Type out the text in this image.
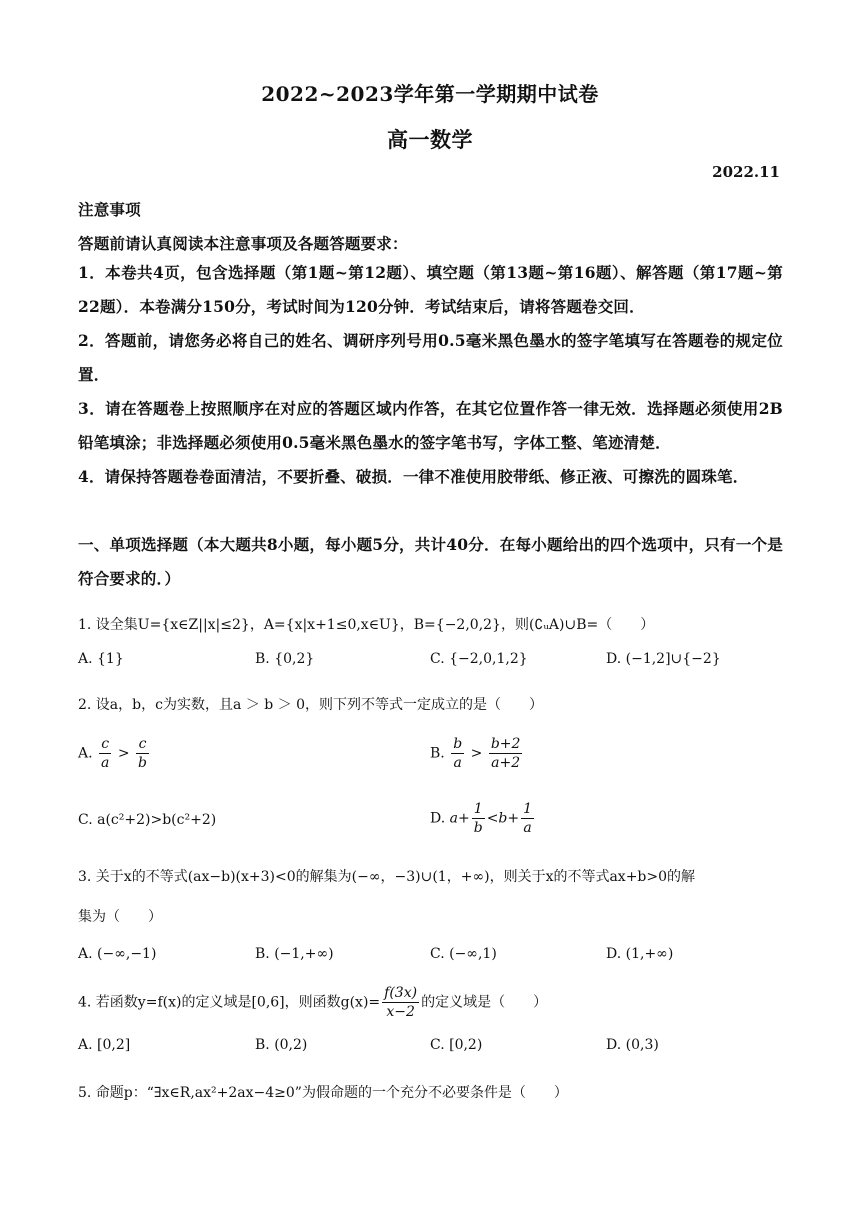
2022~2023学年第一学期期中试卷
高一数学
2022.11
注意事项
答题前请认真阅读本注意事项及各题答题要求：
1．本卷共4页，包含选择题（第1题~第12题）、填空题（第13题~第16题）、解答题（第17题~第22题）．本卷满分150分，考试时间为120分钟．考试结束后，请将答题卷交回．
2．答题前，请您务必将自己的姓名、调研序列号用0.5毫米黑色墨水的签字笔填写在答题卷的规定位置．
3．请在答题卷上按照顺序在对应的答题区域内作答，在其它位置作答一律无效．选择题必须使用2B铅笔填涂；非选择题必须使用0.5毫米黑色墨水的签字笔书写，字体工整、笔迹清楚．
4．请保持答题卷卷面清洁，不要折叠、破损．一律不准使用胶带纸、修正液、可擦洗的圆珠笔．
一、单项选择题（本大题共8小题，每小题5分，共计40分．在每小题给出的四个选项中，只有一个是符合要求的．）
1. 设全集U={x∈Z||x|≤2}，A={x|x+1≤0,x∈U}，B={−2,0,2}，则(∁ᵤA)∪B=（　　）
A. {1}	B. {0,2}	C. {−2,0,1,2}	D. (−1,2]∪{−2}
2. 设a，b，c为实数，且a ＞ b ＞ 0，则下列不等式一定成立的是（　　）
A. $\frac{c}{a} > \frac{c}{b}$	B. $\frac{b}{a} > \frac{b+2}{a+2}$
C. a(c²+2)>b(c²+2)	D. $a+ \frac{1}{b} <b+ \frac{1}{a}$
3. 关于x的不等式(ax−b)(x+3)<0的解集为(−∞，−3)∪(1，+∞)，则关于x的不等式ax+b>0的解
集为（　　）
A. (−∞,−1)	B. (−1,+∞)	C. (−∞,1)	D. (1,+∞)
4. 若函数y=f(x)的定义域是[0,6]，则函数$g(x)= \frac{f(3x)}{x-2}$ 的定义域是（　　）
A. [0,2]	B. (0,2)	C. [0,2)	D. (0,3)
5. 命题p：“∃x∈R,ax²+2ax−4≥0”为假命题的一个充分不必要条件是（　　）
